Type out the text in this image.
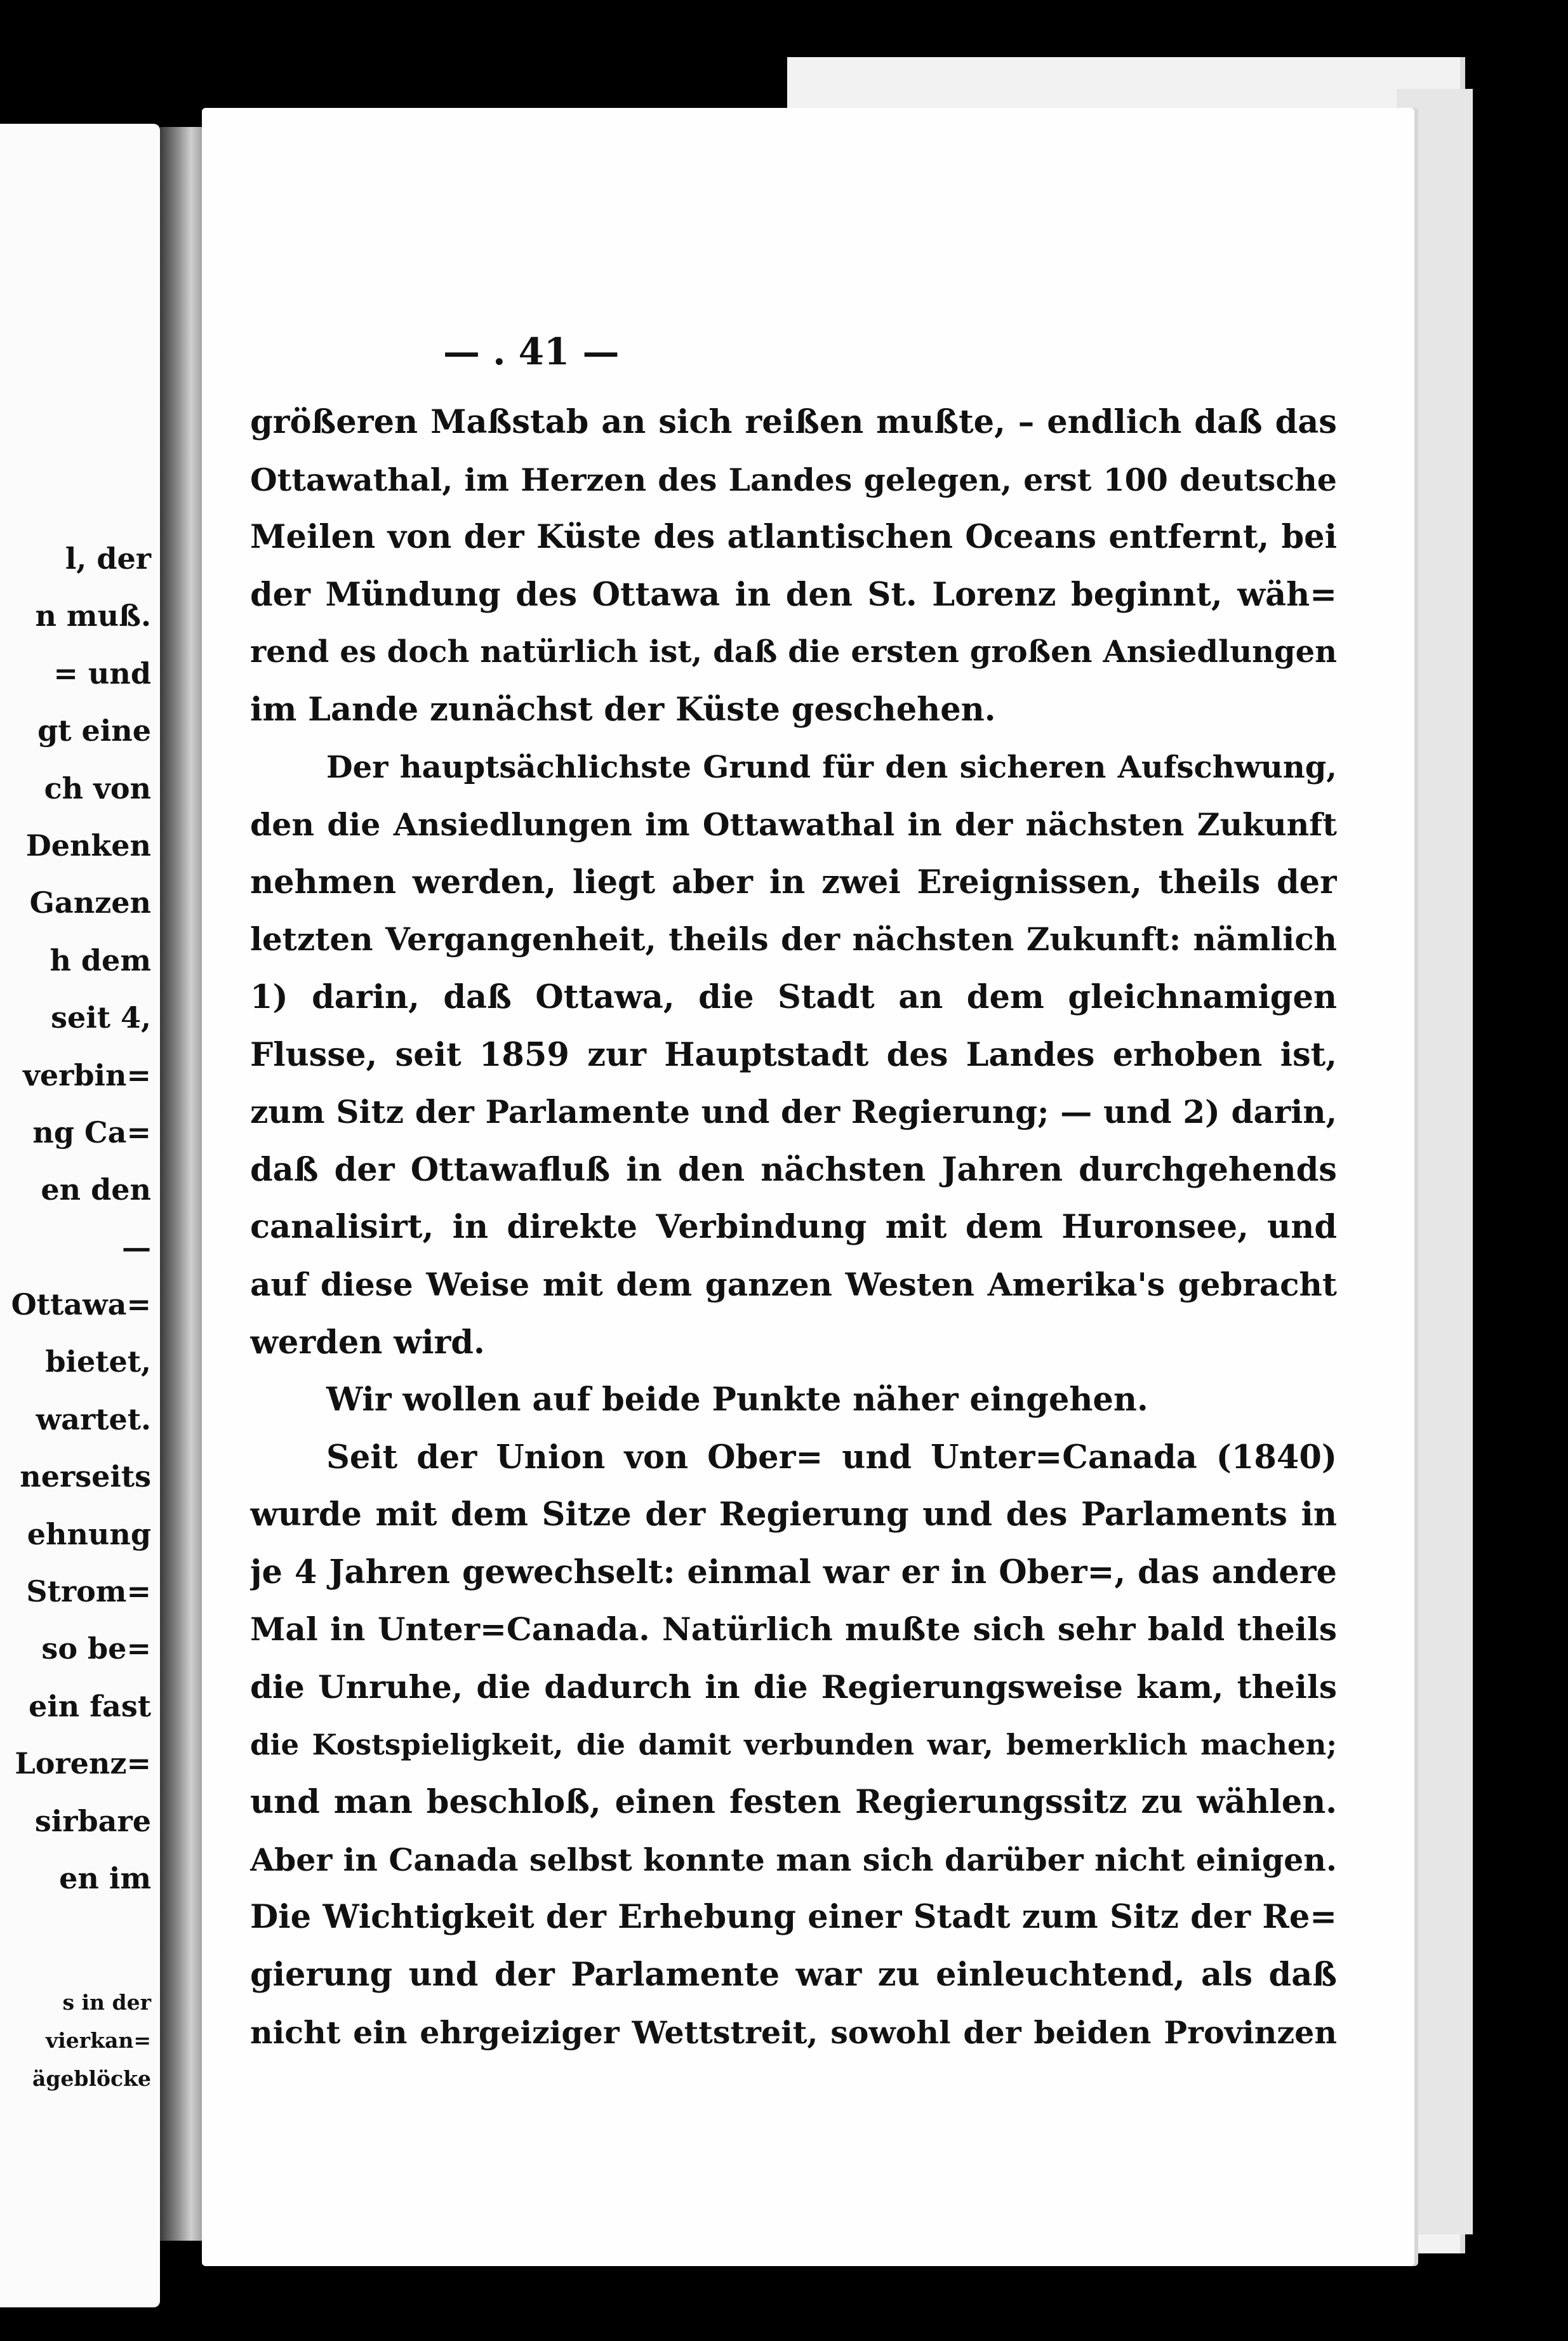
l, der
n muß.
= und
gt eine
ch von
Denken
Ganzen
h dem
seit 4,
verbin=
ng Ca=
en den
—
Ottawa=
bietet,
wartet.
nerseits
ehnung
Strom=
so be=
ein fast
Lorenz=
sirbare
en im
s in der
vierkan=
ägeblöcke
— . 41 —
größeren Maßstab an sich reißen mußte, – endlich daß das
Ottawathal, im Herzen des Landes gelegen, erst 100 deutsche
Meilen von der Küste des atlantischen Oceans entfernt, bei
der Mündung des Ottawa in den St. Lorenz beginnt, wäh=
rend es doch natürlich ist, daß die ersten großen Ansiedlungen
im Lande zunächst der Küste geschehen.
Der hauptsächlichste Grund für den sicheren Aufschwung,
den die Ansiedlungen im Ottawathal in der nächsten Zukunft
nehmen werden, liegt aber in zwei Ereignissen, theils der
letzten Vergangenheit, theils der nächsten Zukunft: nämlich
1) darin, daß Ottawa, die Stadt an dem gleichnamigen
Flusse, seit 1859 zur Hauptstadt des Landes erhoben ist,
zum Sitz der Parlamente und der Regierung; — und 2) darin,
daß der Ottawafluß in den nächsten Jahren durchgehends
canalisirt, in direkte Verbindung mit dem Huronsee, und
auf diese Weise mit dem ganzen Westen Amerika's gebracht
werden wird.
Wir wollen auf beide Punkte näher eingehen.
Seit der Union von Ober= und Unter=Canada (1840)
wurde mit dem Sitze der Regierung und des Parlaments in
je 4 Jahren gewechselt: einmal war er in Ober=, das andere
Mal in Unter=Canada. Natürlich mußte sich sehr bald theils
die Unruhe, die dadurch in die Regierungsweise kam, theils
die Kostspieligkeit, die damit verbunden war, bemerklich machen;
und man beschloß, einen festen Regierungssitz zu wählen.
Aber in Canada selbst konnte man sich darüber nicht einigen.
Die Wichtigkeit der Erhebung einer Stadt zum Sitz der Re=
gierung und der Parlamente war zu einleuchtend, als daß
nicht ein ehrgeiziger Wettstreit, sowohl der beiden Provinzen
